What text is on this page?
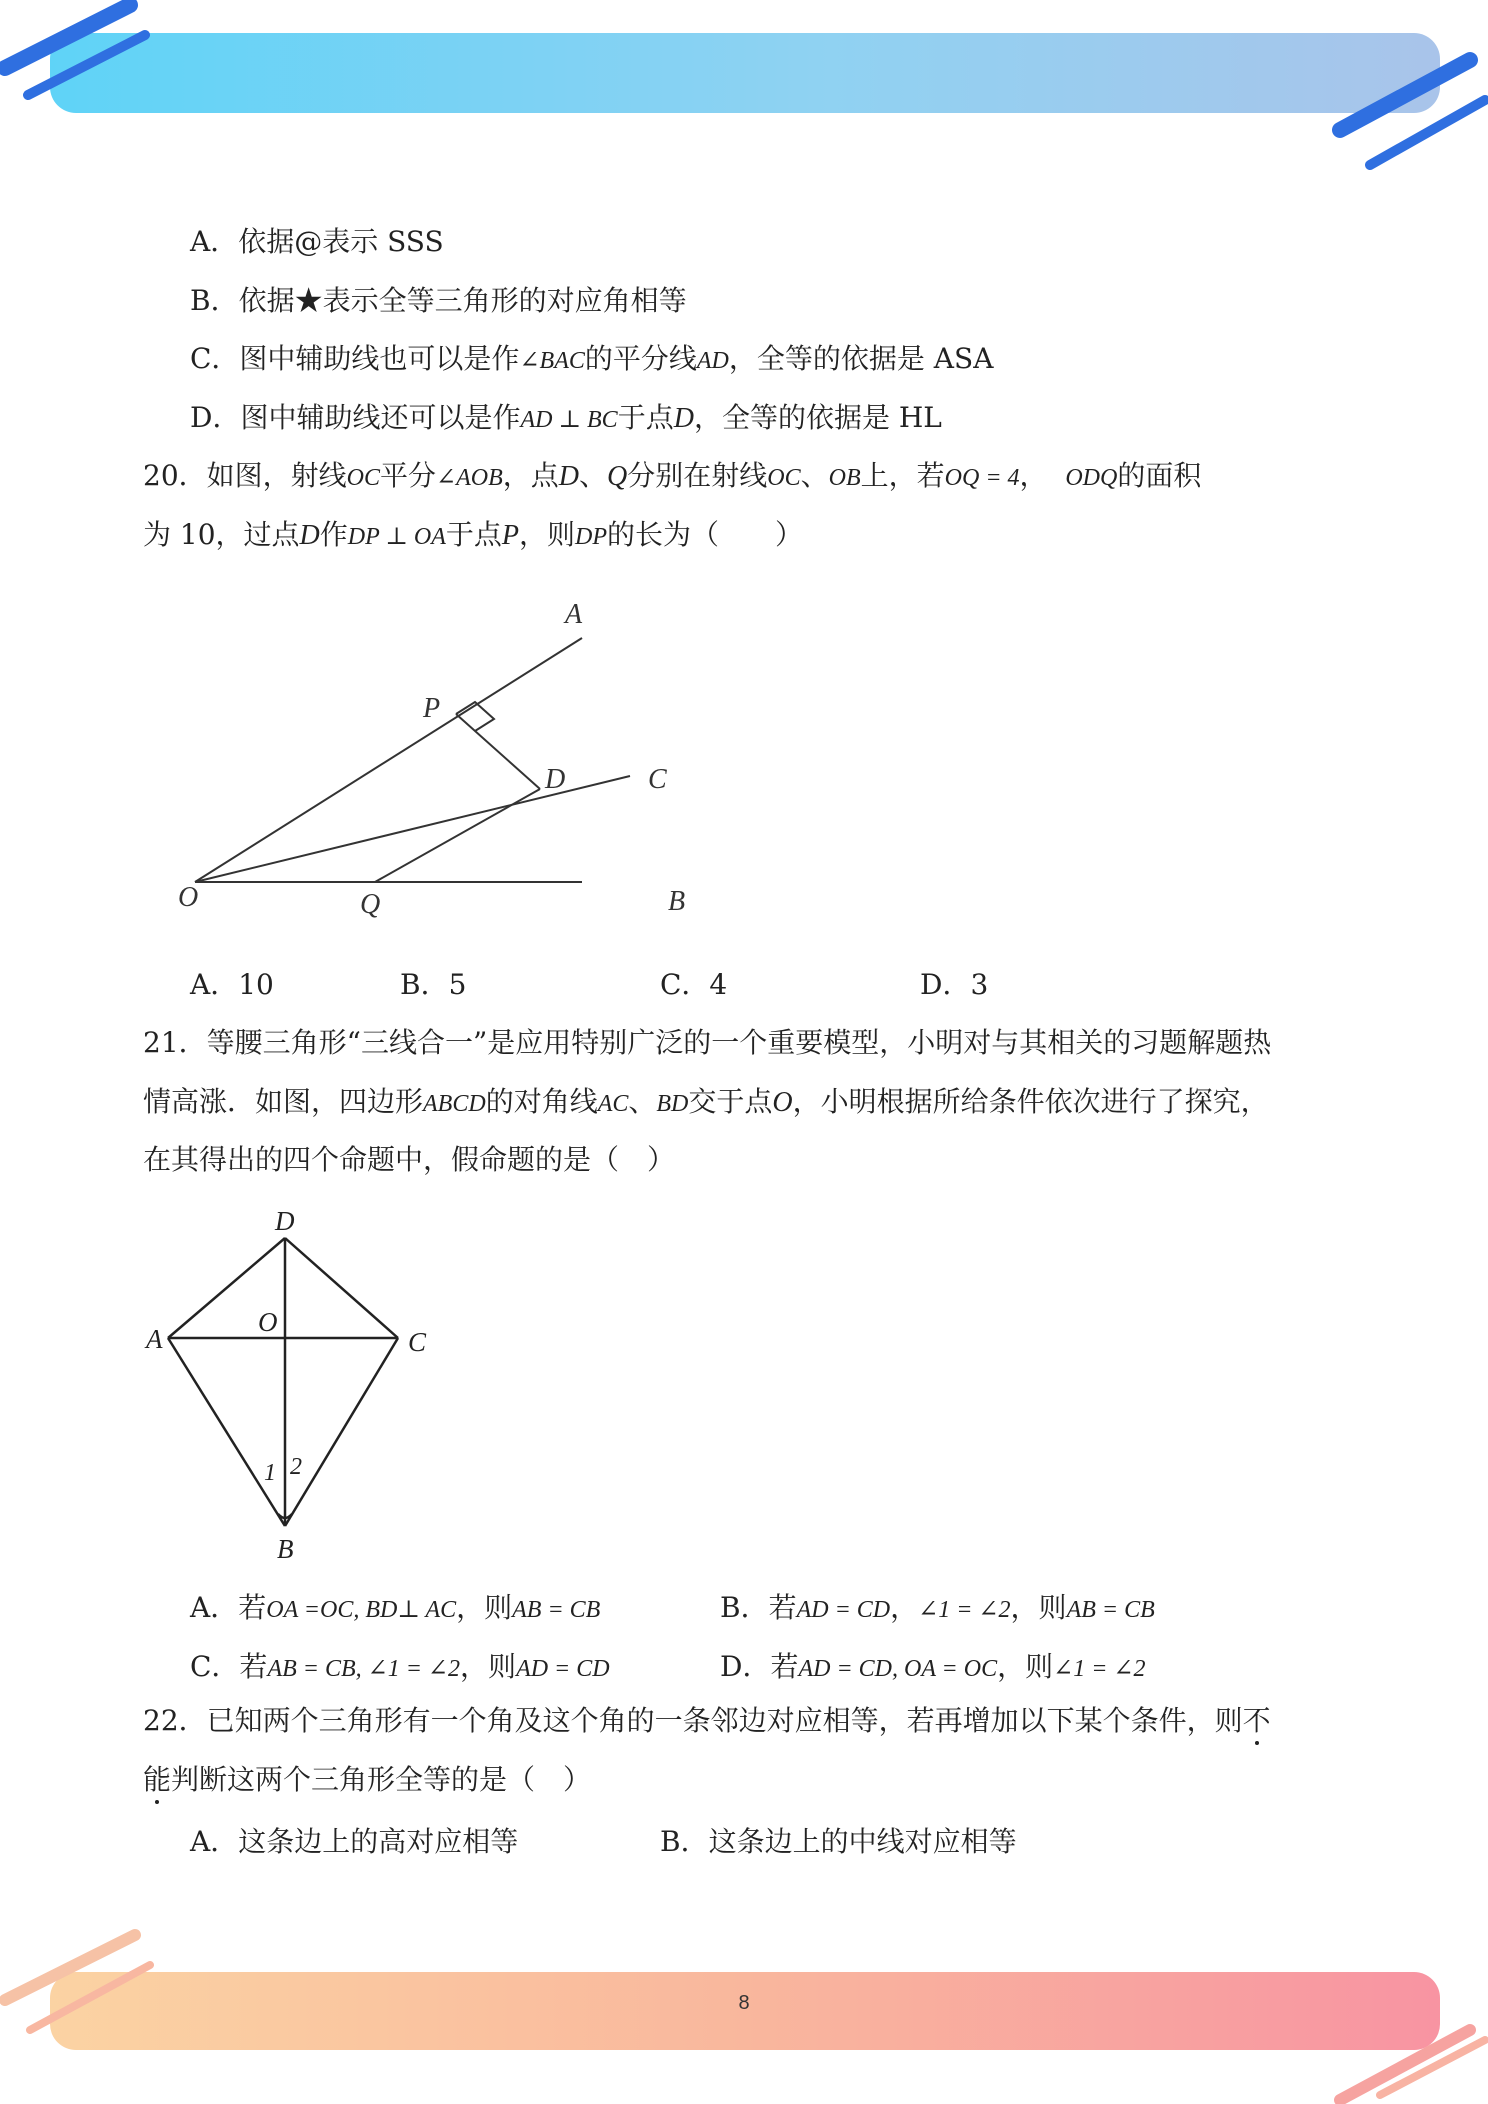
A．依据@表示 SSS
B．依据★表示全等三角形的对应角相等
C．图中辅助线也可以是作∠BAC的平分线AD，全等的依据是 ASA
D．图中辅助线还可以是作AD ⊥ BC于点D，全等的依据是 HL
20．如图，射线OC平分∠AOB，点D、Q分别在射线OC、OB上，若OQ = 4， ODQ的面积
为 10，过点D作DP ⊥ OA于点P，则DP的长为（　　）
A
P
D	C
O	Q	B
A．10	B．5	C．4	D．3
21．等腰三角形“三线合一”是应用特别广泛的一个重要模型，小明对与其相关的习题解题热
情高涨．如图，四边形ABCD的对角线AC、BD交于点O，小明根据所给条件依次进行了探究，
在其得出的四个命题中，假命题的是（　）
D
A
O
C
1 2
B
A．若OA =OC, BD⊥ AC，则AB = CB	B．若AD = CD，∠1 = ∠2，则AB = CB
C．若AB = CB, ∠1 = ∠2，则AD = CD	D．若AD = CD, OA = OC，则∠1 = ∠2
22．已知两个三角形有一个角及这个角的一条邻边对应相等，若再增加以下某个条件，则不
能判断这两个三角形全等的是（　）
A．这条边上的高对应相等	B．这条边上的中线对应相等
8
